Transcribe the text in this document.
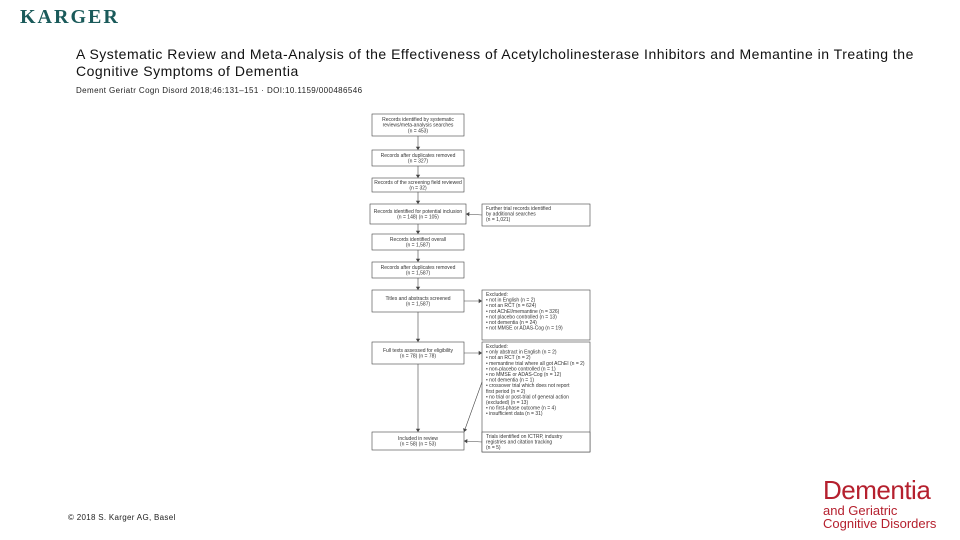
KARGER
A Systematic Review and Meta-Analysis of the Effectiveness of Acetylcholinesterase Inhibitors and Memantine in Treating the Cognitive Symptoms of Dementia
Dement Geriatr Cogn Disord 2018;46:131–151 · DOI:10.1159/000486546
Records identified by systematic
reviews/meta-analysis searches
(n = 453)
Records after duplicates removed
(n = 327)
Records of the screening field reviewed
(n = 32)
Records identified for potential inclusion
(n = 148) (n = 105)
Records identified overall
(n = 1,587)
Records after duplicates removed
(n = 1,587)
Titles and abstracts screened
(n = 1,587)
Full texts assessed for eligibility
(n = 78) (n = 78)
Included in review
(n = 58) (n = 53)
Further trial records identified
by additional searches
(n = 1,021)
Excluded:
• not in English (n = 2)
• not an RCT (n = 624)
• not AChEI/memantine (n = 326)
• not placebo controlled (n = 13)
• not dementia (n = 24)
• not MMSE or ADAS-Cog (n = 19)
Excluded:
• only abstract in English (n = 2)
• not an RCT (n = 2)
• memantine trial where all got AChEI (n = 2)
• non-placebo controlled (n = 1)
• no MMSE or ADAS-Cog (n = 12)
• not dementia (n = 1)
• crossover trial which does not report
first period (n = 2)
• no trial or post-trial of general action
(excluded) (n = 13)
• no first-phase outcome (n = 4)
• insufficient data (n = 31)
Trials identified on ICTRP, industry
registries and citation tracking
(n = 5)
© 2018 S. Karger AG, Basel
Dementia
and Geriatric
Cognitive Disorders
